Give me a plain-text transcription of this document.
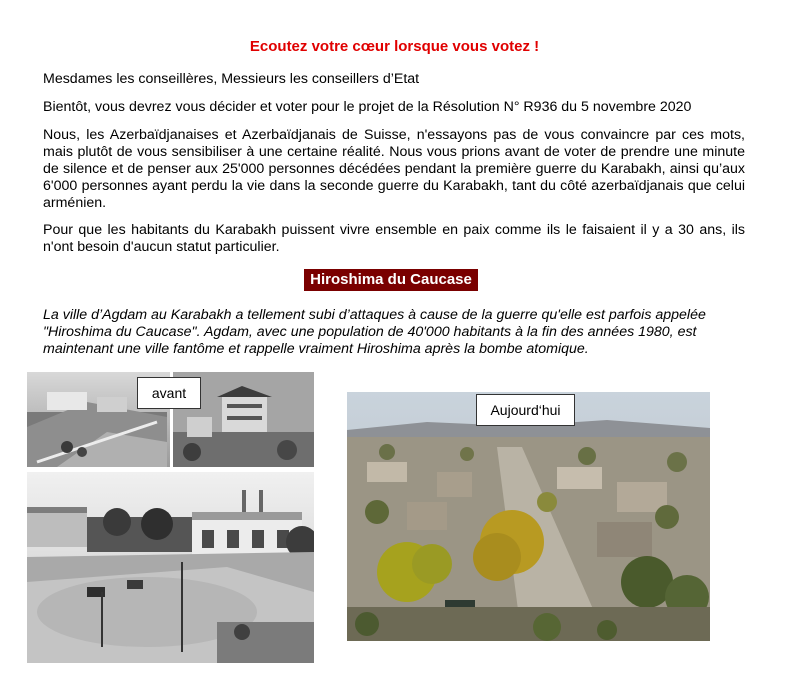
Ecoutez votre cœur lorsque vous votez !

Mesdames les conseillères, Messieurs les conseillers d’Etat

Bientôt, vous devrez vous décider et voter pour le projet de la Résolution N° R936 du 5 novembre 2020

Nous, les Azerbaïdjanaises et Azerbaïdjanais de Suisse, n'essayons pas de vous convaincre par ces mots, mais plutôt de vous sensibiliser à une certaine réalité. Nous vous prions avant de voter de prendre une minute de silence et de penser aux 25'000 personnes décédées pendant la première guerre du Karabakh, ainsi qu’aux 6'000 personnes ayant perdu la vie dans la seconde guerre du Karabakh, tant du côté azerbaïdjanais que celui arménien.

Pour que les habitants du Karabakh puissent vivre ensemble en paix comme ils le faisaient il y a 30 ans, ils n'ont besoin d'aucun statut particulier.

Hiroshima du Caucase

La ville d’Agdam au Karabakh a tellement subi d’attaques à cause de la guerre qu'elle est parfois appelée "Hiroshima du Caucase". Agdam, avec une population de 40'000 habitants à la fin des années 1980, est maintenant une ville fantôme et rappelle vraiment Hiroshima après la bombe atomique.

avant
Aujourd‘hui
